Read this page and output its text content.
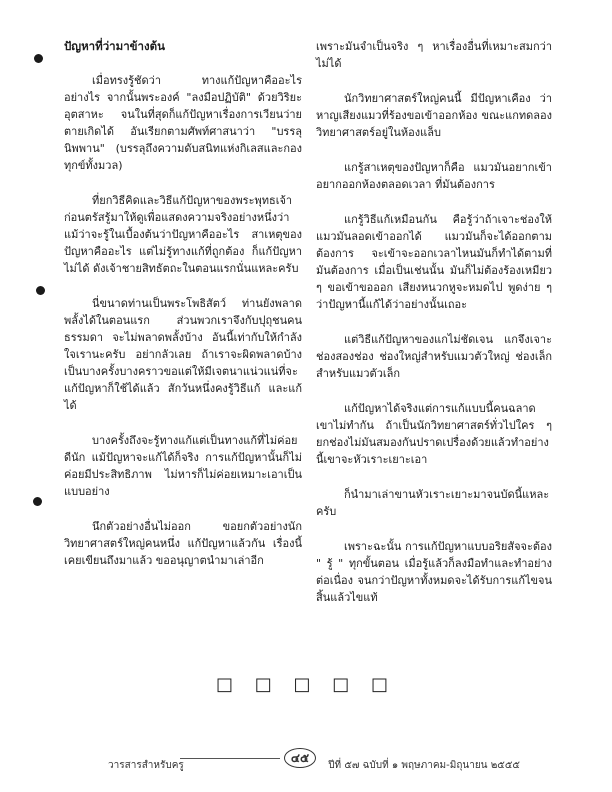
ปัญหาที่ว่ามาข้างต้น

เมื่อทรงรู้ชัดว่า ทางแก้ปัญหาคืออะไร อย่างไร จากนั้นพระองค์ "ลงมือปฏิบัติ" ด้วยวิริยะอุตสาหะ จนในที่สุดก็แก้ปัญหาเรื่องการเวียนว่ายตายเกิดได้ อันเรียกตามศัพท์ศาสนาว่า "บรรลุนิพพาน" (บรรลุถึงความดับสนิทแห่งกิเลสและกองทุกข์ทั้งมวล)

ที่ยกวิธีคิดและวิธีแก้ปัญหาของพระพุทธเจ้า ก่อนตรัสรู้มาให้ดูเพื่อแสดงความจริงอย่างหนึ่งว่า แม้ว่าจะรู้ในเบื้องต้นว่าปัญหาคืออะไร สาเหตุของปัญหาคืออะไร แต่ไม่รู้ทางแก้ที่ถูกต้อง ก็แก้ปัญหาไม่ได้ ดังเจ้าชายสิทธัตถะในตอนแรกนั่นแหละครับ

นี่ขนาดท่านเป็นพระโพธิสัตว์ ท่านยังพลาดพลั้งได้ในตอนแรก ส่วนพวกเราจึงกับปุถุชนคนธรรมดา จะไม่พลาดพลั้งบ้าง อันนี้เท่ากับให้กำลังใจเรานะครับ อย่ากลัวเลย ถ้าเราจะผิดพลาดบ้าง เป็นบางครั้งบางคราวขอแต่ให้มีเจตนาแน่วแน่ที่จะแก้ปัญหาก็ใช้ได้แล้ว สักวันหนึ่งคงรู้วิธีแก้ และแก้ได้

บางครั้งถึงจะรู้ทางแก้แต่เป็นทางแก้ที่ไม่ค่อยดีนัก แม้ปัญหาจะแก้ได้ก็จริง การแก้ปัญหานั้นก็ไม่ค่อยมีประสิทธิภาพ ไม่หารก็ไม่ค่อยเหมาะเอาเป็นแบบอย่าง

นึกตัวอย่างอื่นไม่ออก ขอยกตัวอย่างนักวิทยาศาสตร์ใหญ่คนหนึ่ง แก้ปัญหาแล้วกัน เรื่องนี้เคยเขียนถึงมาแล้ว ขออนุญาตนำมาเล่าอีก

เพราะมันจำเป็นจริง ๆ หาเรื่องอื่นที่เหมาะสมกว่าไม่ได้

นักวิทยาศาสตร์ใหญ่คนนี้ มีปัญหาเคือง ว่าหาญเสียงแมวที่ร้องขอเข้าออกห้อง ขณะแกทดลองวิทยาศาสตร์อยู่ในห้องแล็บ

แกรู้สาเหตุของปัญหาก็คือ แมวมันอยากเข้าอยากออกห้องตลอดเวลา ที่มันต้องการ

แกรู้วิธีแก้เหมือนกัน คือรู้ว่าถ้าเจาะช่องให้แมวมันลอดเข้าออกได้ แมวมันก็จะได้ออกตามต้องการ จะเข้าจะออกเวลาไหนมันก็ทำได้ตามที่มันต้องการ เมื่อเป็นเช่นนั้น มันก็ไม่ต้องร้องเหมียว ๆ ขอเข้าขอออก เสียงหนวกหูจะหมดไป พูดง่าย ๆ ว่าปัญหานี้แก้ได้ว่าอย่างนั้นเถอะ

แต่วิธีแก้ปัญหาของแกไม่ชัดเจน แกจึงเจาะช่องสองช่อง ช่องใหญ่สำหรับแมวตัวใหญ่ ช่องเล็กสำหรับแมวตัวเล็ก

แก้ปัญหาได้จริงแต่การแก้แบบนี้คนฉลาดเขาไม่ทำกัน ถ้าเป็นนักวิทยาศาสตร์ทั่วไปใคร ๆ ยกช่องไม่มันสมองกันปราดเปรื่องด้วยแล้วทำอย่างนี้เขาจะหัวเราะเยาะเอา

ก็นำมาเล่าขานหัวเราะเยาะมาจนบัดนี้แหละครับ

เพราะฉะนั้น การแก้ปัญหาแบบอริยสัจจะต้อง " รู้ " ทุกขั้นตอน เมื่อรู้แล้วก็ลงมือทำและทำอย่างต่อเนื่อง จนกว่าปัญหาทั้งหมดจะได้รับการแก้ไขจนสิ้นแล้วไขแท้

□ □ □ □ □
วารสารสำหรับครู
๔๕
ปีที่ ๕๗ ฉบับที่ ๑ พฤษภาคม-มิถุนายน ๒๕๕๕
